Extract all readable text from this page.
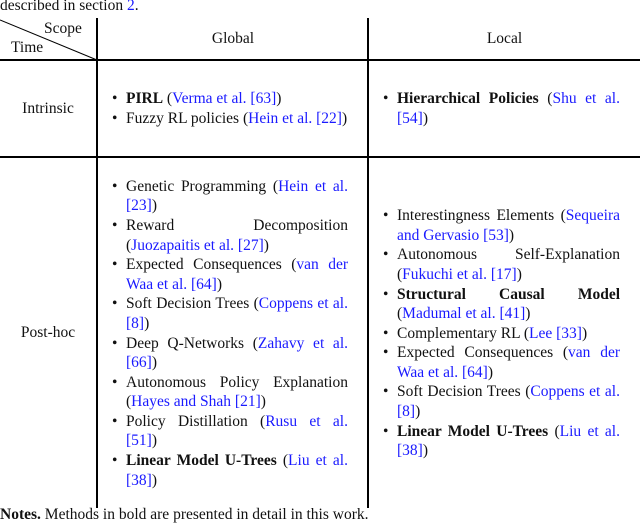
described in section 2.
Scope
Time
Global	Local
Intrinsic
Post-hoc
• PIRL (Verma et al. [63])
• Fuzzy RL policies (Hein et al. [22])
• Hierarchical Policies (Shu et al. [54])
• Genetic Programming (Hein et al. [23])
• Reward Decomposition (Juozapaitis et al. [27])
• Expected Consequences (van der Waa et al. [64])
• Soft Decision Trees (Coppens et al. [8])
• Deep Q-Networks (Zahavy et al. [66])
• Autonomous Policy Explanation (Hayes and Shah [21])
• Policy Distillation (Rusu et al. [51])
• Linear Model U-Trees (Liu et al. [38])
• Interestingness Elements (Sequeira and Gervasio [53])
• Autonomous Self-Explanation (Fukuchi et al. [17])
• Structural Causal Model (Madumal et al. [41])
• Complementary RL (Lee [33])
• Expected Consequences (van der Waa et al. [64])
• Soft Decision Trees (Coppens et al. [8])
• Linear Model U-Trees (Liu et al. [38])
Notes. Methods in bold are presented in detail in this work.
